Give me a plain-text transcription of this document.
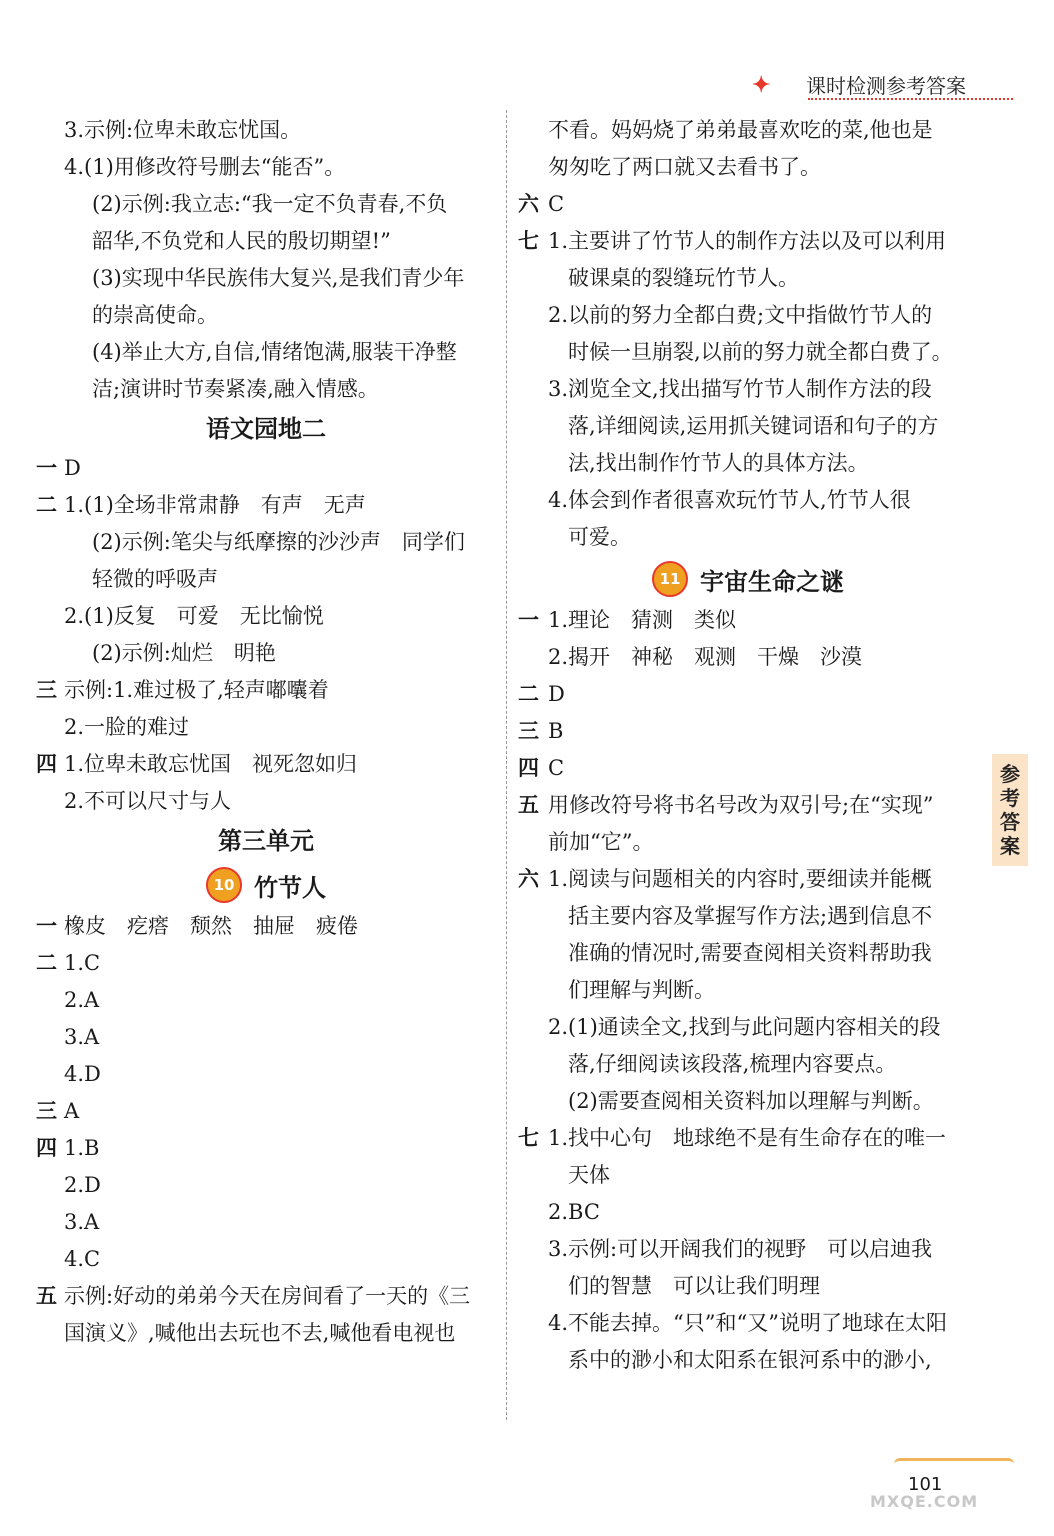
✦ 课时检测参考答案
3.示例:位卑未敢忘忧国。
4.(1)用修改符号删去“能否”。
(2)示例:我立志:“我一定不负青春,不负
韶华,不负党和人民的殷切期望!”
(3)实现中华民族伟大复兴,是我们青少年
的崇高使命。
(4)举止大方,自信,情绪饱满,服装干净整
洁;演讲时节奏紧凑,融入情感。
语文园地二
一 D
二 1.(1)全场非常肃静　有声　无声
(2)示例:笔尖与纸摩擦的沙沙声　同学们
轻微的呼吸声
2.(1)反复　可爱　无比愉悦
(2)示例:灿烂　明艳
三 示例:1.难过极了,轻声嘟囔着
2.一脸的难过
四 1.位卑未敢忘忧国　视死忽如归
2.不可以尺寸与人
第三单元
10 竹节人
一 橡皮　疙瘩　颓然　抽屉　疲倦
二 1.C
2.A
3.A
4.D
三 A
四 1.B
2.D
3.A
4.C
五 示例:好动的弟弟今天在房间看了一天的《三
国演义》,喊他出去玩也不去,喊他看电视也
不看。妈妈烧了弟弟最喜欢吃的菜,他也是
匆匆吃了两口就又去看书了。
六 C
七 1.主要讲了竹节人的制作方法以及可以利用
破课桌的裂缝玩竹节人。
2.以前的努力全都白费;文中指做竹节人的
时候一旦崩裂,以前的努力就全都白费了。
3.浏览全文,找出描写竹节人制作方法的段
落,详细阅读,运用抓关键词语和句子的方
法,找出制作竹节人的具体方法。
4.体会到作者很喜欢玩竹节人,竹节人很
可爱。
11 宇宙生命之谜
一 1.理论　猜测　类似
2.揭开　神秘　观测　干燥　沙漠
二 D
三 B
四 C
五 用修改符号将书名号改为双引号;在“实现”
前加“它”。
六 1.阅读与问题相关的内容时,要细读并能概
括主要内容及掌握写作方法;遇到信息不
准确的情况时,需要查阅相关资料帮助我
们理解与判断。
2.(1)通读全文,找到与此问题内容相关的段
落,仔细阅读该段落,梳理内容要点。
(2)需要查阅相关资料加以理解与判断。
七 1.找中心句　地球绝不是有生命存在的唯一
天体
2.BC
3.示例:可以开阔我们的视野　可以启迪我
们的智慧　可以让我们明理
4.不能去掉。“只”和“又”说明了地球在太阳
系中的渺小和太阳系在银河系中的渺小,
参
考
答
案
101
MXQE.COM
